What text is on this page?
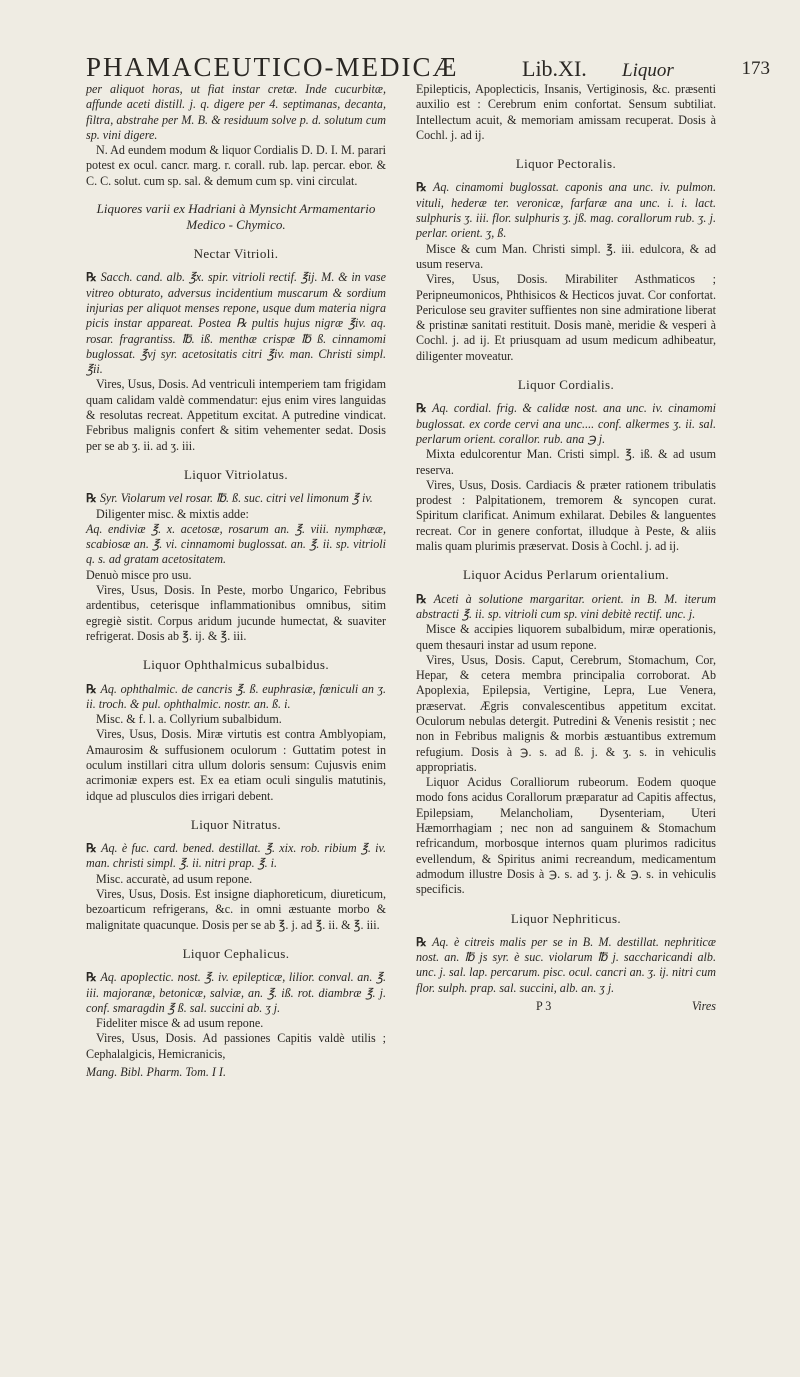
PHAMACEUTICO-MEDICÆ	Lib.XI. Liquor	173
per aliquot horas, ut fiat instar cretæ. Inde cucurbitæ, affunde aceti distill. j. q. digere per 4. septimanas, decanta, filtra, abstrahe per M. B. & residuum solve p. d. solutum cum sp. vini digere.
N. Ad eundem modum & liquor Cordialis D. D. I. M. parari potest ex ocul. cancr. marg. r. corall. rub. lap. percar. ebor. & C. C. solut. cum sp. sal. & demum cum sp. vini circulat.
Liquores varii ex Hadriani à Mynsicht Armamentario Medico - Chymico.
Nectar Vitrioli.
℞ Sacch. cand. alb. ℥x. spir. vitrioli rectif. ℥ij. M. & in vase vitreo obturato, adversus incidentium muscarum & sordium injurias per aliquot menses repone, usque dum materia nigra picis instar appareat. Postea ℞ pultis hujus nigræ ℥iv. aq. rosar. fragrantiss. ℔. iß. menthæ crispæ ℔ ß. cinnamomi buglossat. ℥vj syr. acetositatis citri ℥iv. man. Christi simpl. ℥ii.
Vires, Usus, Dosis. Ad ventriculi intemperiem tam frigidam quam calidam valdè commendatur: ejus enim vires languidas & resolutas recreat. Appetitum excitat. A putredine vindicat. Febribus malignis confert & sitim vehementer sedat. Dosis per se ab ʒ. ii. ad ʒ. iii.
Liquor Vitriolatus.
℞ Syr. Violarum vel rosar. ℔. ß. suc. citri vel limonum ℥ iv.
Diligenter misc. & mixtis adde:
Aq. endiviæ ℥. x. acetosæ, rosarum an. ℥. viii. nymphææ, scabiosæ an. ℥. vi. cinnamomi buglossat. an. ℥. ii. sp. vitrioli q. s. ad gratam acetositatem.
Denuò misce pro usu.
Vires, Usus, Dosis. In Peste, morbo Ungarico, Febribus ardentibus, ceterisque inflammationibus omnibus, sitim egregiè sistit. Corpus aridum jucunde humectat, & suaviter refrigerat. Dosis ab ℥. ij. & ℥. iii.
Liquor Ophthalmicus subalbidus.
℞ Aq. ophthalmic. de cancris ℥. ß. euphrasiæ, fœniculi an ʒ. ii. troch. & pul. ophthalmic. nostr. an. ß. i.
Misc. & f. l. a. Collyrium subalbidum.
Vires, Usus, Dosis. Miræ virtutis est contra Amblyopiam, Amaurosim & suffusionem oculorum : Guttatim potest in oculum instillari citra ullum doloris sensum: Cujusvis enim acrimoniæ expers est. Ex ea etiam oculi singulis matutinis, idque ad plusculos dies irrigari debent.
Liquor Nitratus.
℞ Aq. è fuc. card. bened. destillat. ℥. xix. rob. ribium ℥. iv. man. christi simpl. ℥. ii. nitri prap. ℥. i.
Misc. accuratè, ad usum repone.
Vires, Usus, Dosis. Est insigne diaphoreticum, diureticum, bezoarticum refrigerans, &c. in omni æstuante morbo & malignitate quacunque. Dosis per se ab ℥. j. ad ℥. ii. & ℥. iii.
Liquor Cephalicus.
℞ Aq. apoplectic. nost. ℥. iv. epilepticæ, lilior. conval. an. ℥. iii. majoranæ, betonicæ, salviæ, an. ℥. iß. rot. diambræ ℥. j. conf. smaragdin ℥ ß. sal. succini ab. ʒ j.
Fideliter misce & ad usum repone.
Vires, Usus, Dosis. Ad passiones Capitis valdè utilis ; Cephalalgicis, Hemicranicis,
Mang. Bibl. Pharm. Tom. I I.
Epilepticis, Apoplecticis, Insanis, Vertiginosis, &c. præsenti auxilio est : Cerebrum enim confortat. Sensum subtiliat. Intellectum acuit, & memoriam amissam recuperat. Dosis à Cochl. j. ad ij.
Liquor Pectoralis.
℞ Aq. cinamomi buglossat. caponis ana unc. iv. pulmon. vituli, hederæ ter. veronicæ, farfaræ ana unc. i. i. lact. sulphuris ʒ. iii. flor. sulphuris ʒ. jß. mag. corallorum rub. ʒ. j. perlar. orient. ʒ, ß.
Misce & cum Man. Christi simpl. ℥. iii. edulcora, & ad usum reserva.
Vires, Usus, Dosis. Mirabiliter Asthmaticos ; Peripneumonicos, Phthisicos & Hecticos juvat. Cor confortat. Periculose seu graviter suffientes non sine admiratione liberat & pristinæ sanitati restituit. Dosis manè, meridie & vesperi à Cochl. j. ad ij. Et priusquam ad usum medicum adhibeatur, diligenter moveatur.
Liquor Cordialis.
℞ Aq. cordial. frig. & calidæ nost. ana unc. iv. cinamomi buglossat. ex corde cervi ana unc.... conf. alkermes ʒ. ii. sal. perlarum orient. corallor. rub. ana ℈ j.
Mixta edulcorentur Man. Cristi simpl. ℥. iß. & ad usum reserva.
Vires, Usus, Dosis. Cardiacis & præter rationem tribulatis prodest : Palpitationem, tremorem & syncopen curat. Spiritum clarificat. Animum exhilarat. Debiles & languentes recreat. Cor in genere confortat, illudque à Peste, & aliis malis quam plurimis præservat. Dosis à Cochl. j. ad ij.
Liquor Acidus Perlarum orientalium.
℞ Aceti à solutione margaritar. orient. in B. M. iterum abstracti ℥. ii. sp. vitrioli cum sp. vini debitè rectif. unc. j.
Misce & accipies liquorem subalbidum, miræ operationis, quem thesauri instar ad usum repone.
Vires, Usus, Dosis. Caput, Cerebrum, Stomachum, Cor, Hepar, & cetera membra principalia corroborat. Ab Apoplexia, Epilepsia, Vertigine, Lepra, Lue Venera, præservat. Ægris convalescentibus appetitum excitat. Oculorum nebulas detergit. Putredini & Venenis resistit ; nec non in Febribus malignis & morbis æstuantibus extremum refugium. Dosis à ℈. s. ad ß. j. & ʒ. s. in vehiculis appropriatis.
Liquor Acidus Coralliorum rubeorum. Eodem quoque modo fons acidus Corallorum præparatur ad Capitis affectus, Epilepsiam, Melancholiam, Dysenteriam, Uteri Hæmorrhagiam ; nec non ad sanguinem & Stomachum refricandum, morbosque internos quam plurimos radicitus evellendum, & Spiritus animi recreandum, medicamentum admodum illustre Dosis à ℈. s. ad ʒ. j. & ℈. s. in vehiculis specificis.
Liquor Nephriticus.
℞ Aq. è citreis malis per se in B. M. destillat. nephriticæ nost. an. ℔ js syr. è suc. violarum ℔ j. saccharicandi alb. unc. j. sal. lap. percarum. pisc. ocul. cancri an. ʒ. ij. nitri cum flor. sulph. prap. sal. succini, alb. an. ʒ j.
P 3	Vires
